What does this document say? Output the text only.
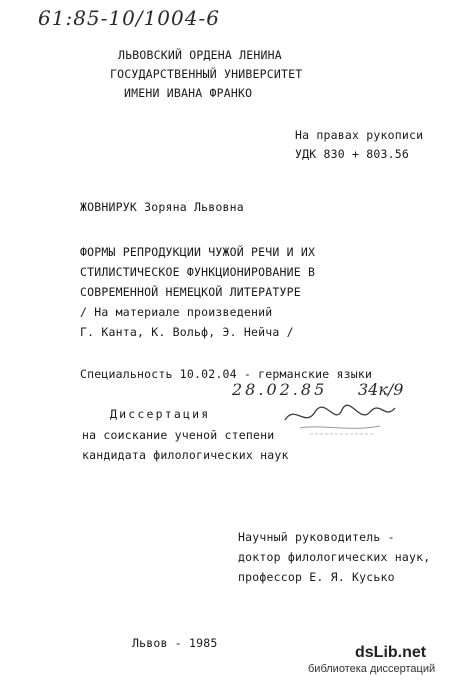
61:85-10/1004-6
ЛЬВОВСКИЙ ОРДЕНА ЛЕНИНА
ГОСУДАРСТВЕННЫЙ УНИВЕРСИТЕТ
ИМЕНИ ИВАНА ФРАНКО
На правах рукописи
УДК 830 + 803.56
ЖОВНИРУК Зоряна Львовна
ФОРМЫ РЕПРОДУКЦИИ ЧУЖОЙ РЕЧИ И ИХ
СТИЛИСТИЧЕСКОЕ ФУНКЦИОНИРОВАНИЕ В
СОВРЕМЕННОЙ НЕМЕЦКОЙ ЛИТЕРАТУРЕ
/ На материале произведений
Г. Канта, К. Вольф, Э. Нейча /
Специальность 10.02.04 - германские языки
28.02.85 34к/9
Диссертация
на соискание ученой степени
кандидата филологических наук
Научный руководитель -
доктор филологических наук,
профессор Е. Я. Кусько
Львов - 1985
dsLib.net
библиотека диссертаций
